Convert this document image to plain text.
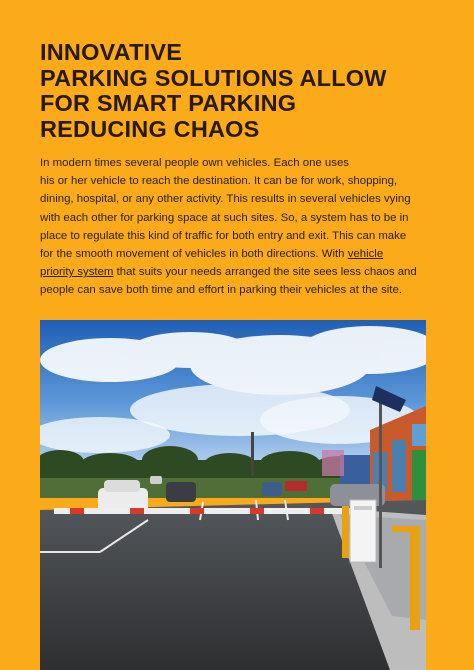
INNOVATIVE
PARKING SOLUTIONS ALLOW
FOR SMART PARKING
REDUCING CHAOS

In modern times several people own vehicles. Each one uses
his or her vehicle to reach the destination. It can be for work, shopping,
dining, hospital, or any other activity. This results in several vehicles vying
with each other for parking space at such sites. So, a system has to be in
place to regulate this kind of traffic for both entry and exit. This can make
for the smooth movement of vehicles in both directions. With vehicle
priority system that suits your needs arranged the site sees less chaos and
people can save both time and effort in parking their vehicles at the site.
